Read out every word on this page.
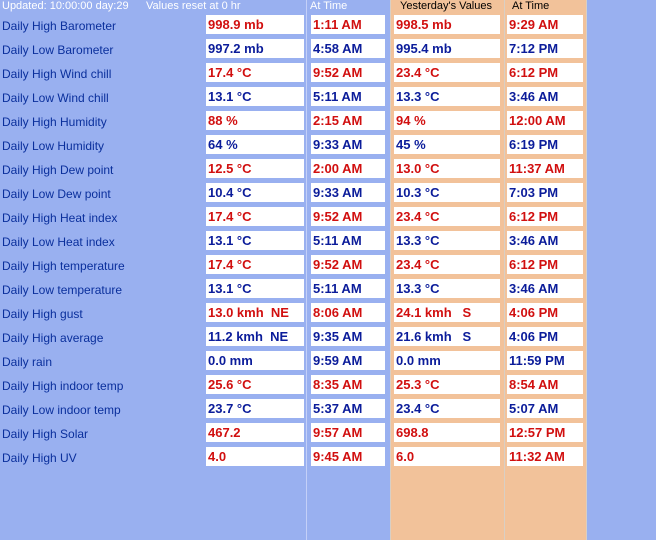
Updated: 10:00:00 day:29 Values reset at 0 hr	At Time	Yesterday's Values At Time
Daily High Barometer	998.9 mb	1:11 AM	998.5 mb	9:29 AM
Daily Low Barometer	997.2 mb	4:58 AM	995.4 mb	7:12 PM
Daily High Wind chill	17.4 °C	9:52 AM	23.4 °C	6:12 PM
Daily Low Wind chill	13.1 °C	5:11 AM	13.3 °C	3:46 AM
Daily High Humidity	88 %	2:15 AM	94 %	12:00 AM
Daily Low Humidity	64 %	9:33 AM	45 %	6:19 PM
Daily High Dew point	12.5 °C	2:00 AM	13.0 °C	11:37 AM
Daily Low Dew point	10.4 °C	9:33 AM	10.3 °C	7:03 PM
Daily High Heat index	17.4 °C	9:52 AM	23.4 °C	6:12 PM
Daily Low Heat index	13.1 °C	5:11 AM	13.3 °C	3:46 AM
Daily High temperature	17.4 °C	9:52 AM	23.4 °C	6:12 PM
Daily Low temperature	13.1 °C	5:11 AM	13.3 °C	3:46 AM
Daily High gust	13.0 kmh  NE	8:06 AM	24.1 kmh   S	4:06 PM
Daily High average	11.2 kmh  NE	9:35 AM	21.6 kmh   S	4:06 PM
Daily rain	0.0 mm	9:59 AM	0.0 mm	11:59 PM
Daily High indoor temp	25.6 °C	8:35 AM	25.3 °C	8:54 AM
Daily Low indoor temp	23.7 °C	5:37 AM	23.4 °C	5:07 AM
Daily High Solar	467.2	9:57 AM	698.8	12:57 PM
Daily High UV	4.0	9:45 AM	6.0	11:32 AM
